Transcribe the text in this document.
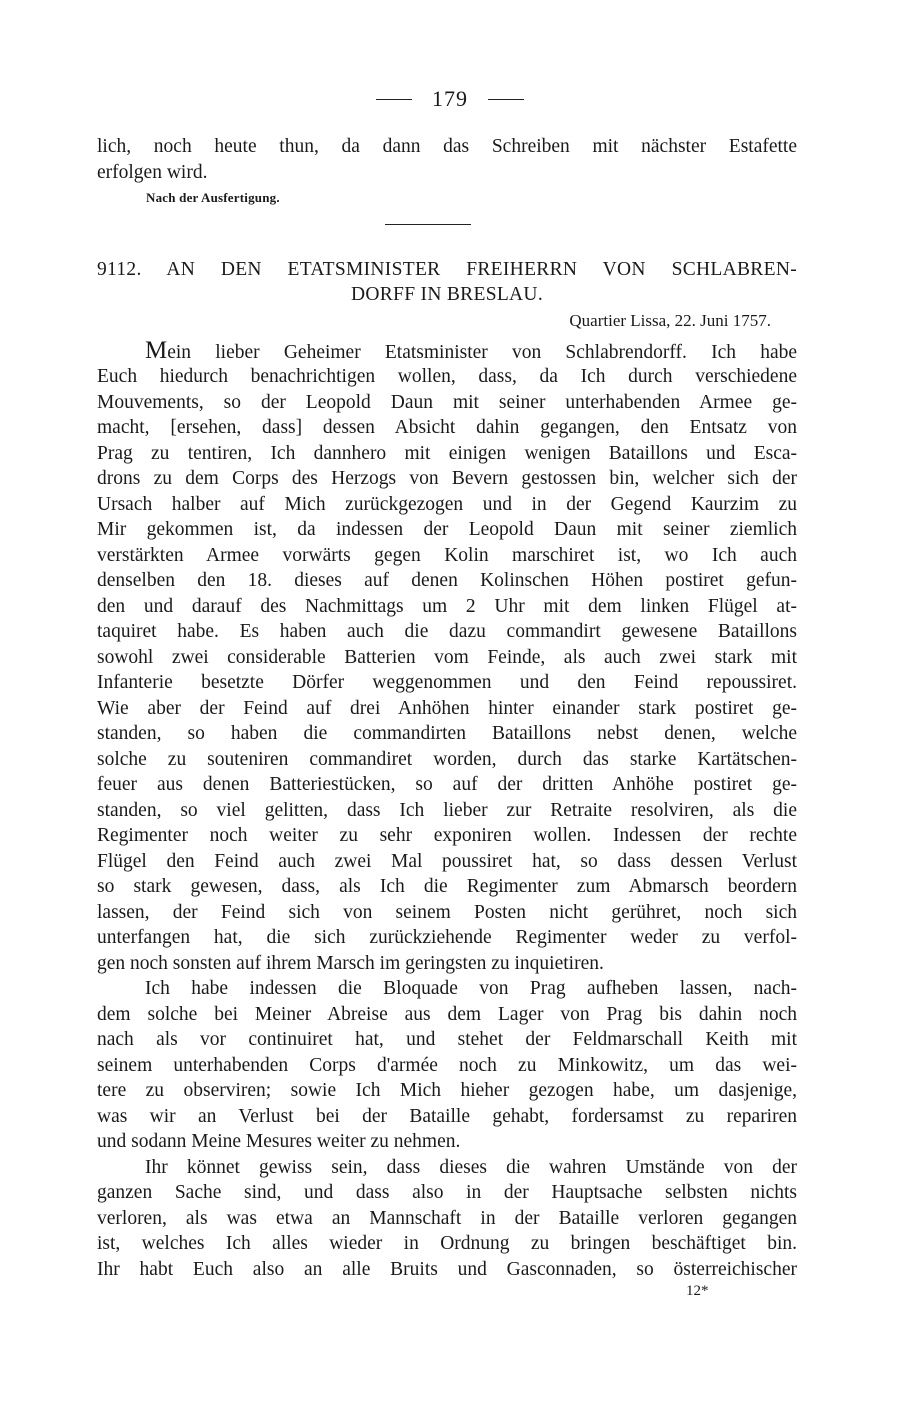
179
lich, noch heute thun, da dann das Schreiben mit nächster Estafette
erfolgen wird.
Nach der Ausfertigung.
9112. AN DEN ETATSMINISTER FREIHERRN VON SCHLABREN-
DORFF IN BRESLAU.
Quartier Lissa, 22. Juni 1757.
Mein lieber Geheimer Etatsminister von Schlabrendorff. Ich habe
Euch hiedurch benachrichtigen wollen, dass, da Ich durch verschiedene
Mouvements, so der Leopold Daun mit seiner unterhabenden Armee ge-
macht, [ersehen, dass] dessen Absicht dahin gegangen, den Entsatz von
Prag zu tentiren, Ich dannhero mit einigen wenigen Bataillons und Esca-
drons zu dem Corps des Herzogs von Bevern gestossen bin, welcher sich der
Ursach halber auf Mich zurückgezogen und in der Gegend Kaurzim zu
Mir gekommen ist, da indessen der Leopold Daun mit seiner ziemlich
verstärkten Armee vorwärts gegen Kolin marschiret ist, wo Ich auch
denselben den 18. dieses auf denen Kolinschen Höhen postiret gefun-
den und darauf des Nachmittags um 2 Uhr mit dem linken Flügel at-
taquiret habe. Es haben auch die dazu commandirt gewesene Bataillons
sowohl zwei considerable Batterien vom Feinde, als auch zwei stark mit
Infanterie besetzte Dörfer weggenommen und den Feind repoussiret.
Wie aber der Feind auf drei Anhöhen hinter einander stark postiret ge-
standen, so haben die commandirten Bataillons nebst denen, welche
solche zu souteniren commandiret worden, durch das starke Kartätschen-
feuer aus denen Batteriestücken, so auf der dritten Anhöhe postiret ge-
standen, so viel gelitten, dass Ich lieber zur Retraite resolviren, als die
Regimenter noch weiter zu sehr exponiren wollen. Indessen der rechte
Flügel den Feind auch zwei Mal poussiret hat, so dass dessen Verlust
so stark gewesen, dass, als Ich die Regimenter zum Abmarsch beordern
lassen, der Feind sich von seinem Posten nicht gerühret, noch sich
unterfangen hat, die sich zurückziehende Regimenter weder zu verfol-
gen noch sonsten auf ihrem Marsch im geringsten zu inquietiren.
Ich habe indessen die Bloquade von Prag aufheben lassen, nach-
dem solche bei Meiner Abreise aus dem Lager von Prag bis dahin noch
nach als vor continuiret hat, und stehet der Feldmarschall Keith mit
seinem unterhabenden Corps d'armée noch zu Minkowitz, um das wei-
tere zu observiren; sowie Ich Mich hieher gezogen habe, um dasjenige,
was wir an Verlust bei der Bataille gehabt, fordersamst zu repariren
und sodann Meine Mesures weiter zu nehmen.
Ihr könnet gewiss sein, dass dieses die wahren Umstände von der
ganzen Sache sind, und dass also in der Hauptsache selbsten nichts
verloren, als was etwa an Mannschaft in der Bataille verloren gegangen
ist, welches Ich alles wieder in Ordnung zu bringen beschäftiget bin.
Ihr habt Euch also an alle Bruits und Gasconnaden, so österreichischer
12*
